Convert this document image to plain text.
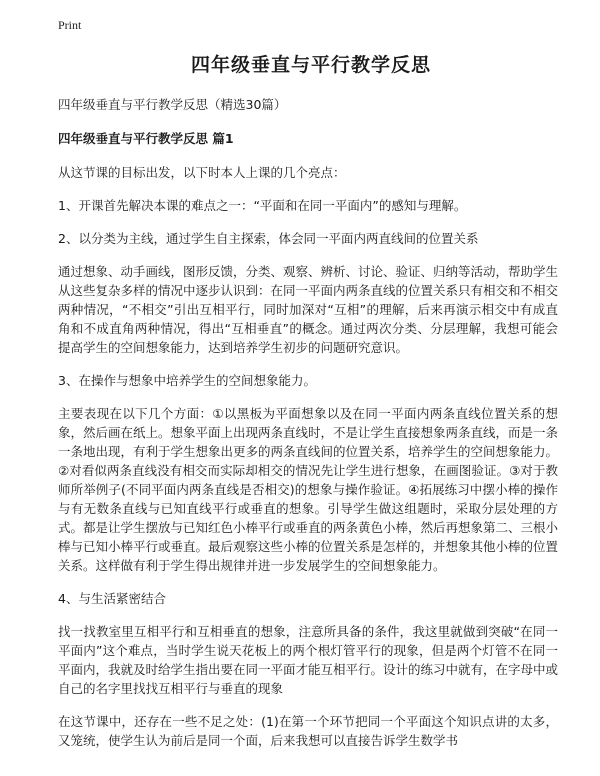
Print
四年级垂直与平行教学反思
四年级垂直与平行教学反思（精选30篇）
四年级垂直与平行教学反思 篇1

从这节课的目标出发，以下时本人上课的几个亮点：

1、开课首先解决本课的难点之一：“平面和在同一平面内”的感知与理解。

2、以分类为主线，通过学生自主探索，体会同一平面内两直线间的位置关系

通过想象、动手画线，图形反馈，分类、观察、辨析、讨论、验证、归纳等活动，帮助学生从这些复杂多样的情况中逐步认识到：在同一平面内两条直线的位置关系只有相交和不相交两种情况，“不相交”引出互相平行，同时加深对“互相”的理解，后来再演示相交中有成直角和不成直角两种情况，得出“互相垂直”的概念。通过两次分类、分层理解，我想可能会提高学生的空间想象能力，达到培养学生初步的问题研究意识。

3、在操作与想象中培养学生的空间想象能力。

主要表现在以下几个方面：①以黑板为平面想象以及在同一平面内两条直线位置关系的想象，然后画在纸上。想象平面上出现两条直线时，不是让学生直接想象两条直线，而是一条一条地出现，有利于学生想象出更多的两条直线间的位置关系，培养学生的空间想象能力。②对看似两条直线没有相交而实际却相交的情况先让学生进行想象，在画图验证。③对于教师所举例子(不同平面内两条直线是否相交)的想象与操作验证。④拓展练习中摆小棒的操作与有无数条直线与已知直线平行或垂直的想象。引导学生做这组题时，采取分层处理的方式。都是让学生摆放与已知红色小棒平行或垂直的两条黄色小棒，然后再想象第二、三根小棒与已知小棒平行或垂直。最后观察这些小棒的位置关系是怎样的，并想象其他小棒的位置关系。这样做有利于学生得出规律并进一步发展学生的空间想象能力。

4、与生活紧密结合

找一找教室里互相平行和互相垂直的想象，注意所具备的条件，我这里就做到突破“在同一平面内”这个难点，当时学生说天花板上的两个根灯管平行的现象，但是两个灯管不在同一平面内，我就及时给学生指出要在同一平面才能互相平行。设计的练习中就有，在字母中或自己的名字里找找互相平行与垂直的现象

在这节课中，还存在一些不足之处：(1)在第一个环节把同一个平面这个知识点讲的太多，又笼统，使学生认为前后是同一个面，后来我想可以直接告诉学生数学书
